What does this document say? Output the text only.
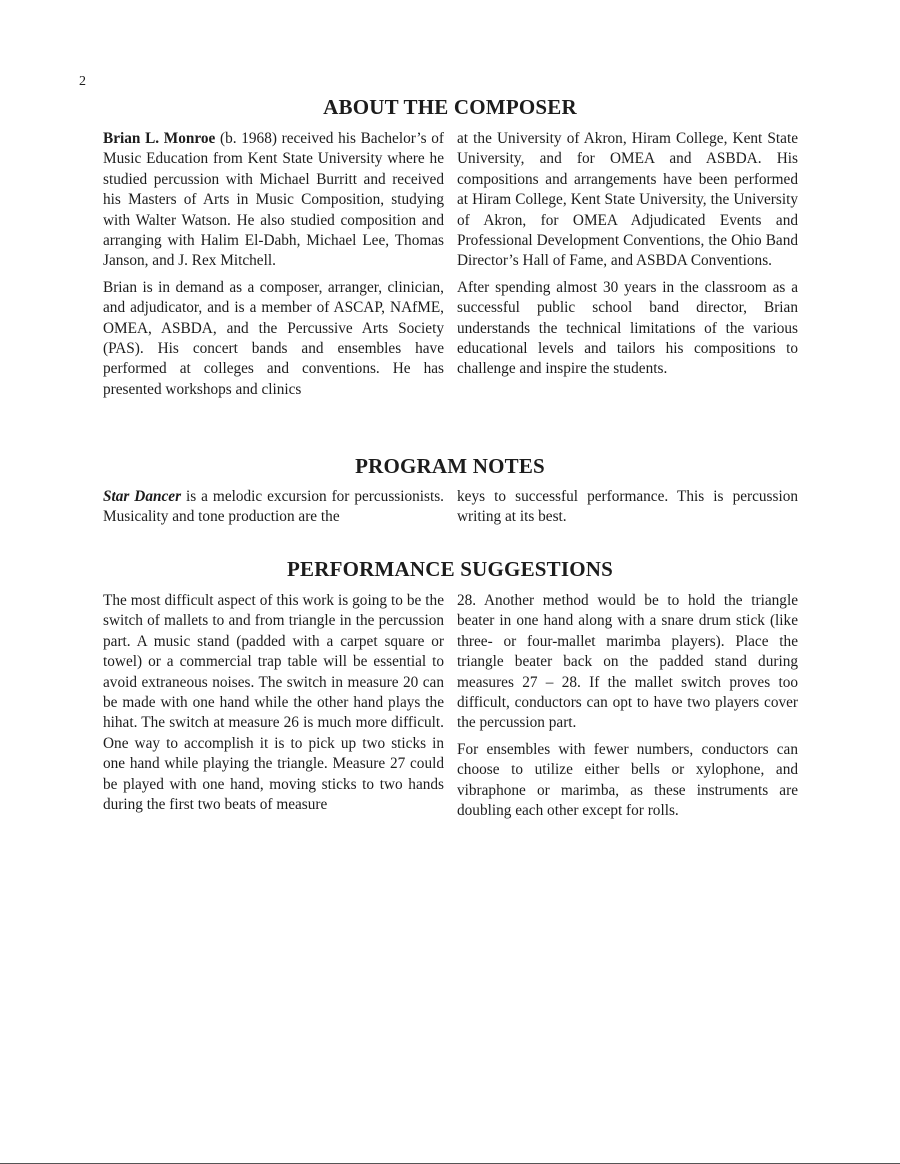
2
ABOUT THE COMPOSER

Brian L. Monroe (b. 1968) received his Bachelor’s of Music Education from Kent State University where he studied percussion with Michael Burritt and received his Masters of Arts in Music Composition, studying with Walter Watson. He also studied composition and arranging with Halim El-Dabh, Michael Lee, Thomas Janson, and J. Rex Mitchell.

Brian is in demand as a composer, arranger, clinician, and adjudicator, and is a member of ASCAP, NAfME, OMEA, ASBDA, and the Percussive Arts Society (PAS). His concert bands and ensembles have performed at colleges and conventions. He has presented workshops and clinics

at the University of Akron, Hiram College, Kent State University, and for OMEA and ASBDA. His compositions and arrangements have been performed at Hiram College, Kent State University, the University of Akron, for OMEA Adjudicated Events and Professional Development Conventions, the Ohio Band Director’s Hall of Fame, and ASBDA Conventions.

After spending almost 30 years in the classroom as a successful public school band director, Brian understands the technical limitations of the various educational levels and tailors his compositions to challenge and inspire the students.

PROGRAM NOTES

Star Dancer is a melodic excursion for percussionists. Musicality and tone production are the

keys to successful performance. This is percussion writing at its best.

PERFORMANCE SUGGESTIONS

The most difficult aspect of this work is going to be the switch of mallets to and from triangle in the percussion part. A music stand (padded with a carpet square or towel) or a commercial trap table will be essential to avoid extraneous noises. The switch in measure 20 can be made with one hand while the other hand plays the hihat. The switch at measure 26 is much more difficult. One way to accomplish it is to pick up two sticks in one hand while playing the triangle. Measure 27 could be played with one hand, moving sticks to two hands during the first two beats of measure

28. Another method would be to hold the triangle beater in one hand along with a snare drum stick (like three- or four-mallet marimba players). Place the triangle beater back on the padded stand during measures 27 – 28. If the mallet switch proves too difficult, conductors can opt to have two players cover the percussion part.

For ensembles with fewer numbers, conductors can choose to utilize either bells or xylophone, and vibraphone or marimba, as these instruments are doubling each other except for rolls.
